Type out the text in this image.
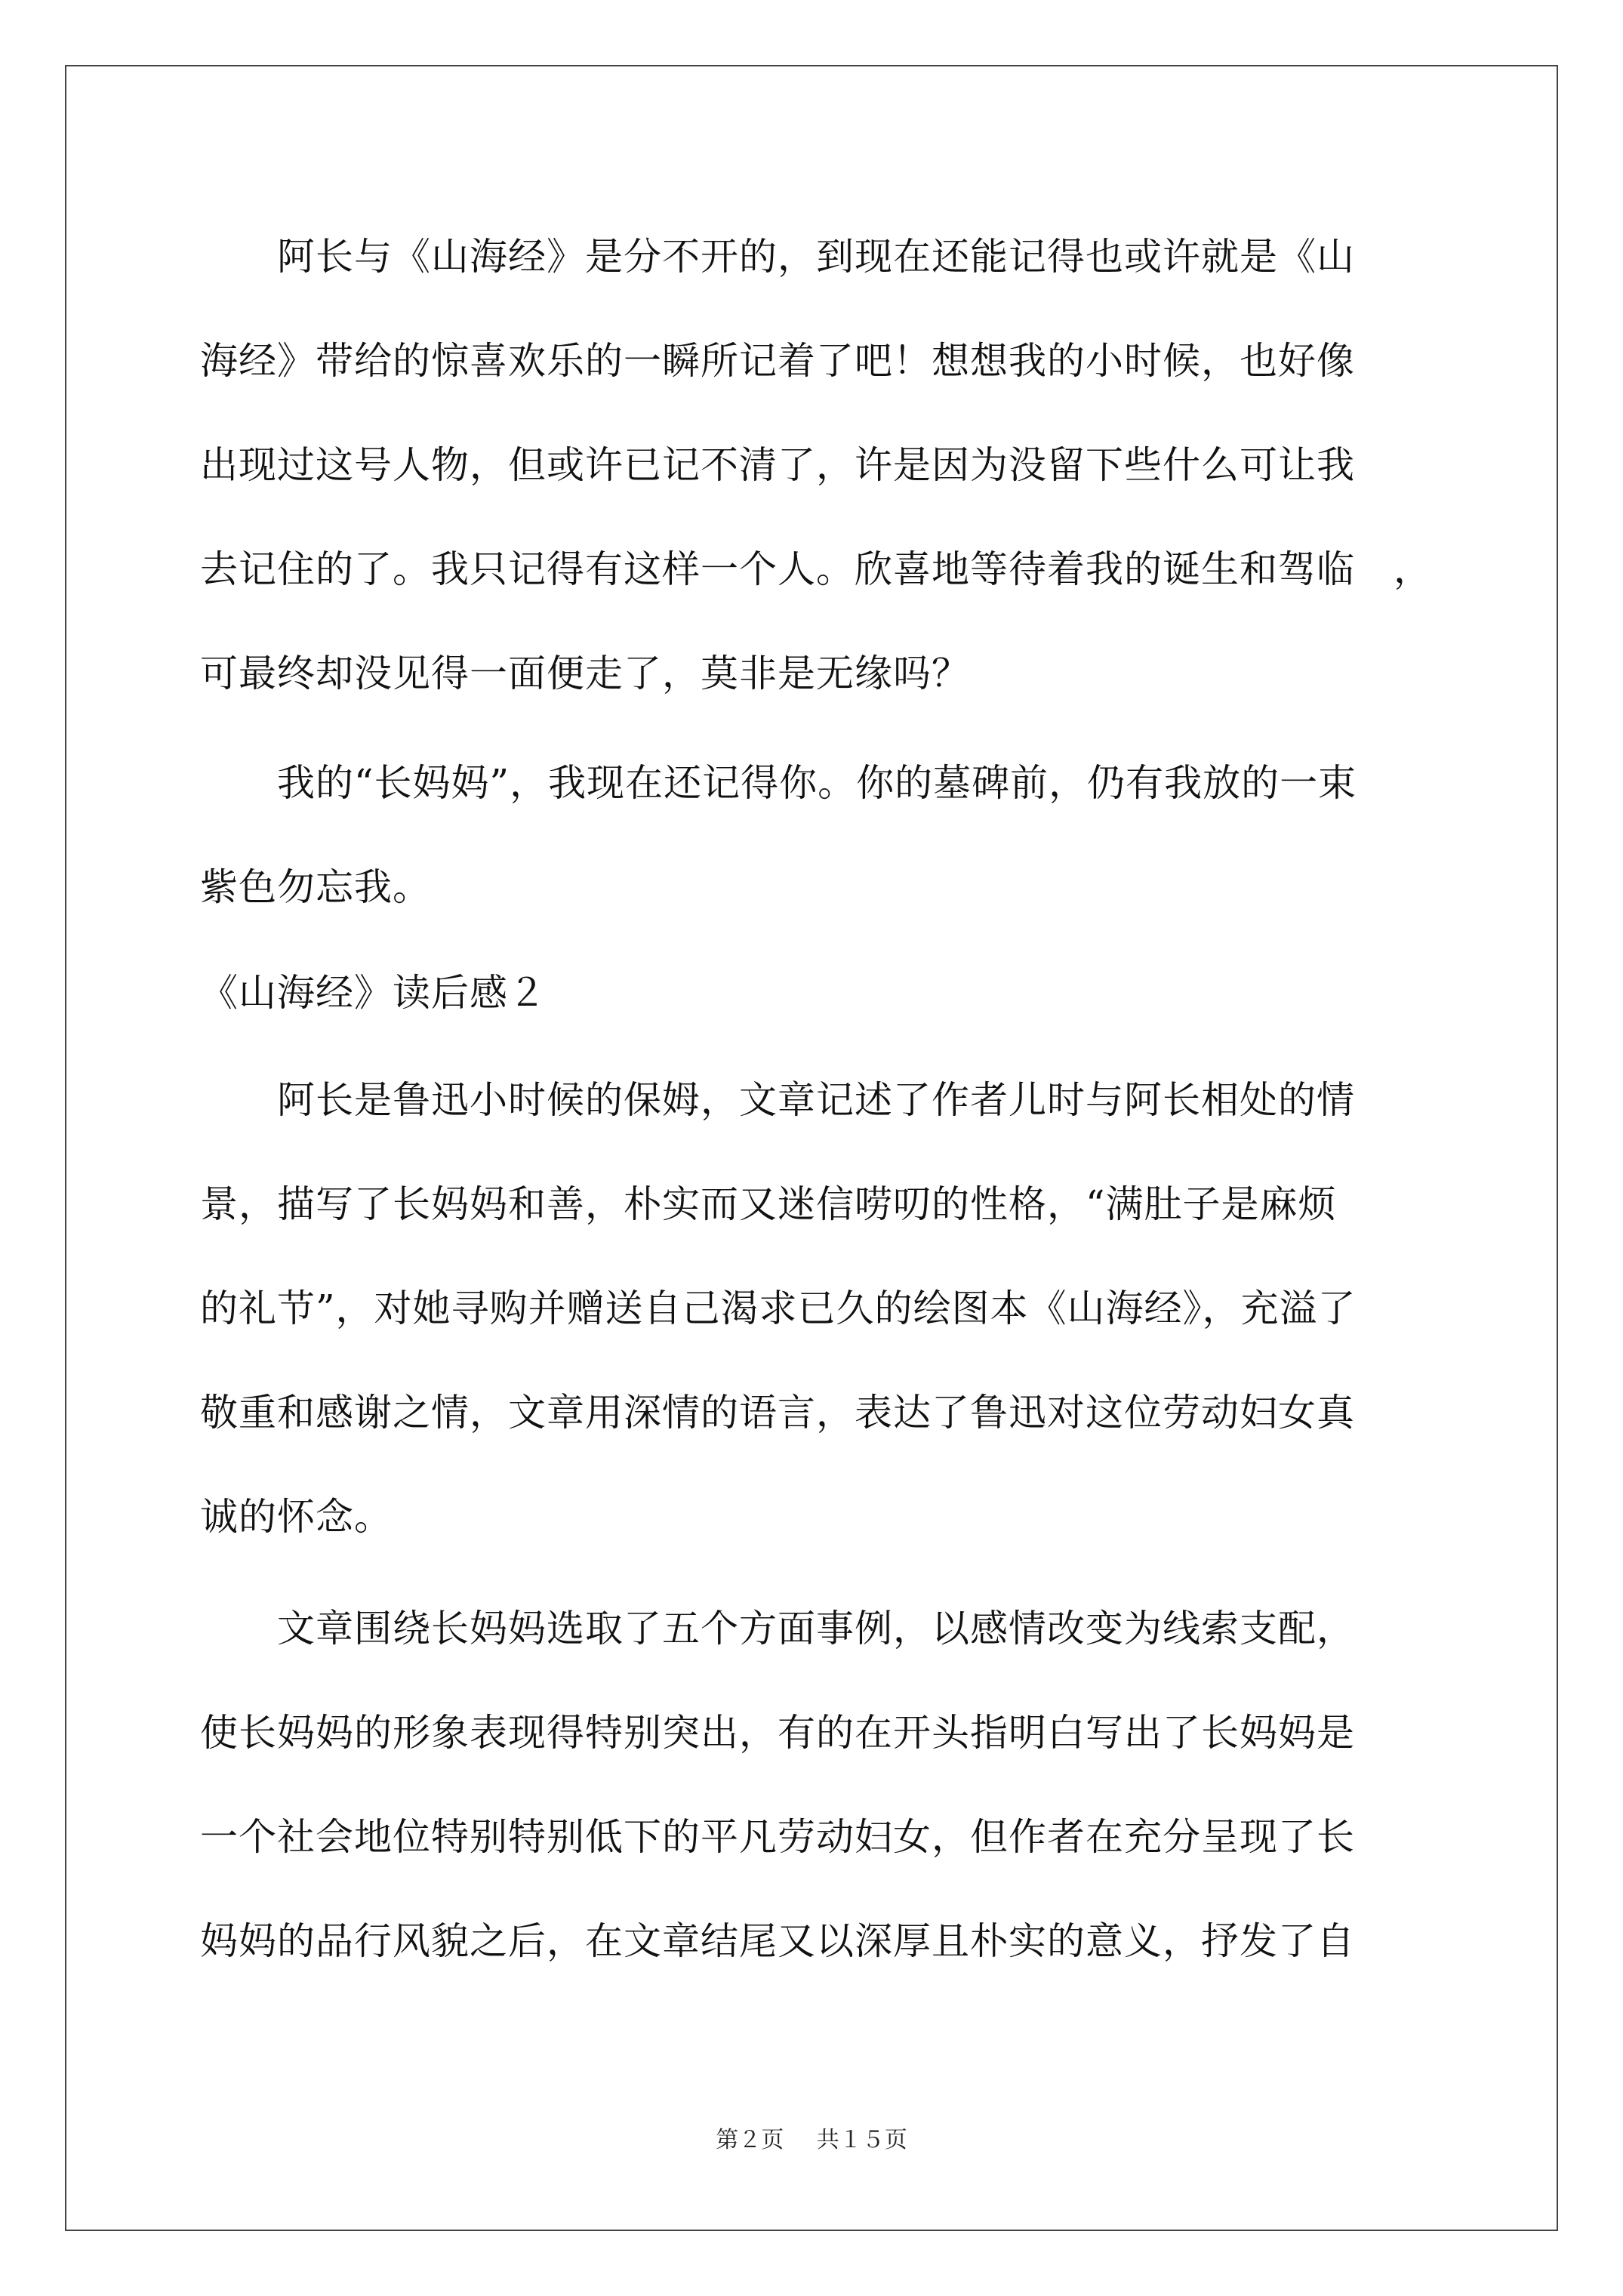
　　阿长与《山海经》是分不开的，到现在还能记得也或许就是《山
海经》带给的惊喜欢乐的一瞬所记着了吧！想想我的小时候，也好像
出现过这号人物，但或许已记不清了，许是因为没留下些什么可让我
去记住的了。我只记得有这样一个人。欣喜地等待着我的诞生和驾临　，
可最终却没见得一面便走了，莫非是无缘吗？
　　我的“长妈妈”，我现在还记得你。你的墓碑前，仍有我放的一束
紫色勿忘我。
《山海经》读后感２
　　阿长是鲁迅小时候的保姆，文章记述了作者儿时与阿长相处的情
景，描写了长妈妈和善，朴实而又迷信唠叨的性格，“满肚子是麻烦
的礼节”，对她寻购并赠送自己渴求已久的绘图本《山海经》，充溢了
敬重和感谢之情，文章用深情的语言，表达了鲁迅对这位劳动妇女真
诚的怀念。
　　文章围绕长妈妈选取了五个方面事例，以感情改变为线索支配，
使长妈妈的形象表现得特别突出，有的在开头指明白写出了长妈妈是
一个社会地位特别特别低下的平凡劳动妇女，但作者在充分呈现了长
妈妈的品行风貌之后，在文章结尾又以深厚且朴实的意义，抒发了自
第２页 共１５页
